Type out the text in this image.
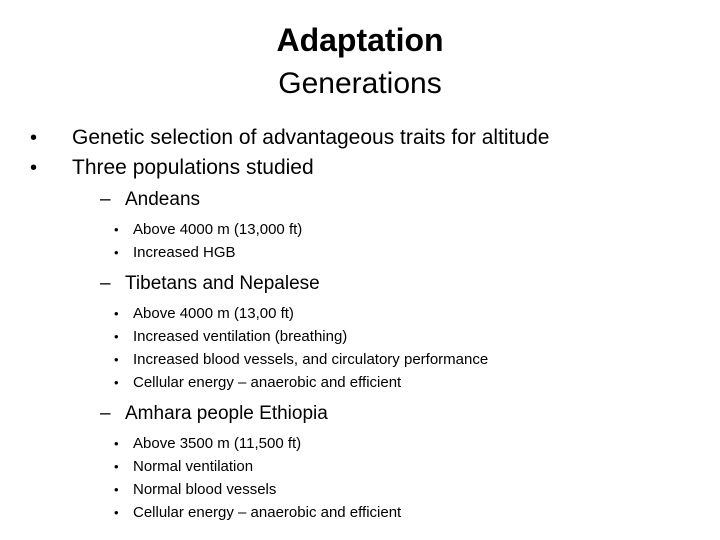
Adaptation
Generations
•	Genetic selection of advantageous traits for altitude
•	Three populations studied
– Andeans
• Above 4000 m (13,000 ft)
• Increased HGB
– Tibetans and Nepalese
• Above 4000 m (13,00 ft)
• Increased ventilation (breathing)
• Increased blood vessels, and circulatory performance
• Cellular energy – anaerobic and efficient
– Amhara people Ethiopia
• Above 3500 m (11,500 ft)
• Normal ventilation
• Normal blood vessels
• Cellular energy – anaerobic and efficient
